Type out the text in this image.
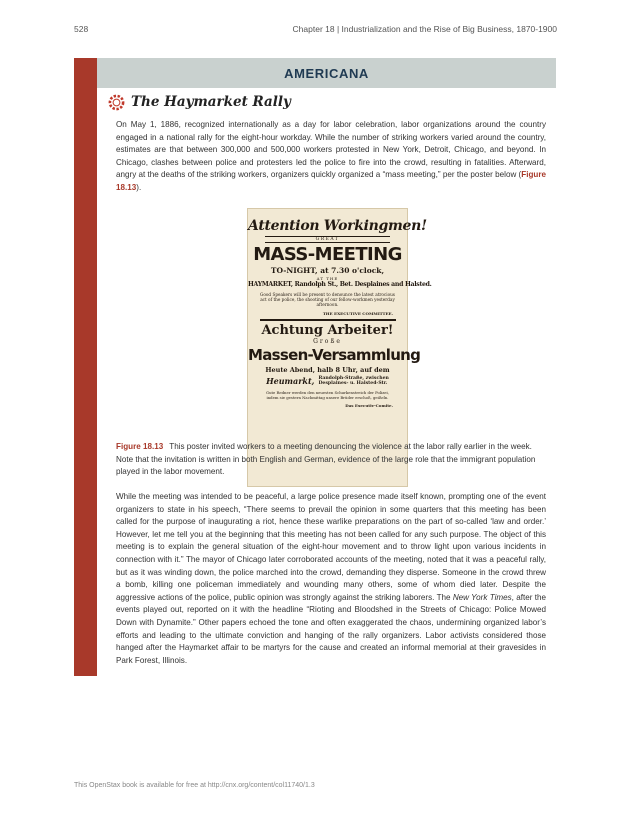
528	Chapter 18 | Industrialization and the Rise of Big Business, 1870-1900
AMERICANA
The Haymarket Rally

On May 1, 1886, recognized internationally as a day for labor celebration, labor organizations around the country engaged in a national rally for the eight-hour workday. While the number of striking workers varied around the country, estimates are that between 300,000 and 500,000 workers protested in New York, Detroit, Chicago, and beyond. In Chicago, clashes between police and protesters led the police to fire into the crowd, resulting in fatalities. Afterward, angry at the deaths of the striking workers, organizers quickly organized a “mass meeting,” per the poster below (Figure 18.13).

Attention Workingmen!
GREAT
MASS-MEETING
TO-NIGHT, at 7.30 o'clock,
AT THE
HAYMARKET, Randolph St., Bet. Desplaines and Halsted.
Good Speakers will be present to denounce the latest atrocious act of the police, the shooting of our fellow-workmen yesterday afternoon.
THE EXECUTIVE COMMITTEE.
Achtung Arbeiter!
Große
Massen-Versammlung
Heute Abend, halb 8 Uhr, auf dem
Heumarkt, Randolph-Straße, zwischen
Desplaines- u. Halsted-Str.
Gute Redner werden den neuesten Schurkenstreich der Polizei, indem sie gestern Nachmittag unsere Brüder erschoß, geißeln.
Das Executiv-Comite.

Figure 18.13 This poster invited workers to a meeting denouncing the violence at the labor rally earlier in the week. Note that the invitation is written in both English and German, evidence of the large role that the immigrant population played in the labor movement.

While the meeting was intended to be peaceful, a large police presence made itself known, prompting one of the event organizers to state in his speech, “There seems to prevail the opinion in some quarters that this meeting has been called for the purpose of inaugurating a riot, hence these warlike preparations on the part of so-called ‘law and order.’ However, let me tell you at the beginning that this meeting has not been called for any such purpose. The object of this meeting is to explain the general situation of the eight-hour movement and to throw light upon various incidents in connection with it.” The mayor of Chicago later corroborated accounts of the meeting, noted that it was a peaceful rally, but as it was winding down, the police marched into the crowd, demanding they disperse. Someone in the crowd threw a bomb, killing one policeman immediately and wounding many others, some of whom died later. Despite the aggressive actions of the police, public opinion was strongly against the striking laborers. The New York Times, after the events played out, reported on it with the headline “Rioting and Bloodshed in the Streets of Chicago: Police Mowed Down with Dynamite.” Other papers echoed the tone and often exaggerated the chaos, undermining organized labor’s efforts and leading to the ultimate conviction and hanging of the rally organizers. Labor activists considered those hanged after the Haymarket affair to be martyrs for the cause and created an informal memorial at their gravesides in Park Forest, Illinois.

This OpenStax book is available for free at http://cnx.org/content/col11740/1.3
